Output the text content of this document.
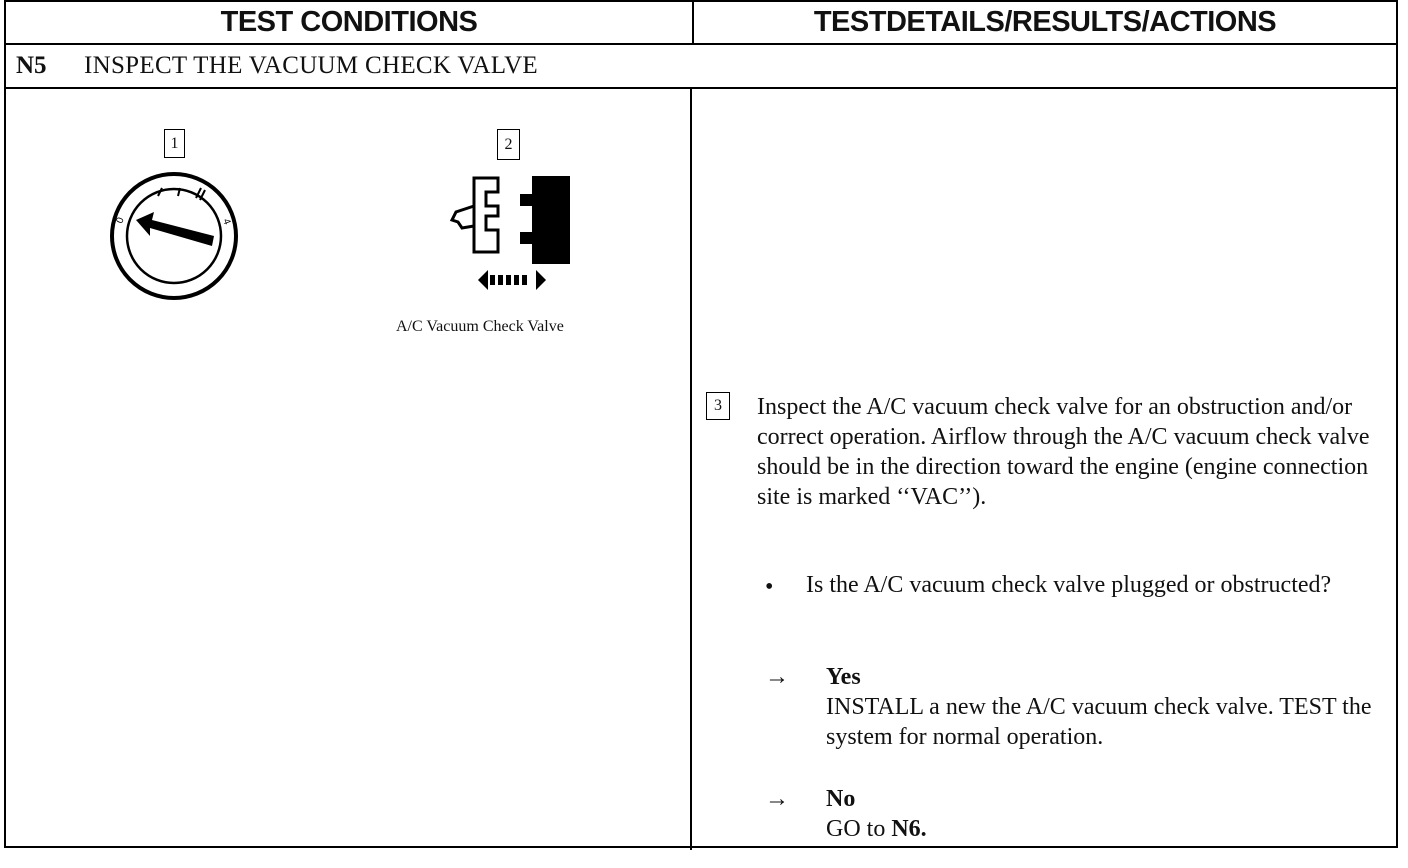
TEST CONDITIONS	TESTDETAILS/RESULTS/ACTIONS
N5	INSPECT THE VACUUM CHECK VALVE
1
0	4
2
A/C Vacuum Check Valve
3	Inspect the A/C vacuum check valve for an obstruction and/or correct operation. Airflow through the A/C vacuum check valve should be in the direction toward the engine (engine connection site is marked ‘‘VAC’’).
• Is the A/C vacuum check valve plugged or obstructed?
→ Yes
INSTALL a new the A/C vacuum check valve. TEST the system for normal operation.
→ No
GO to N6.
